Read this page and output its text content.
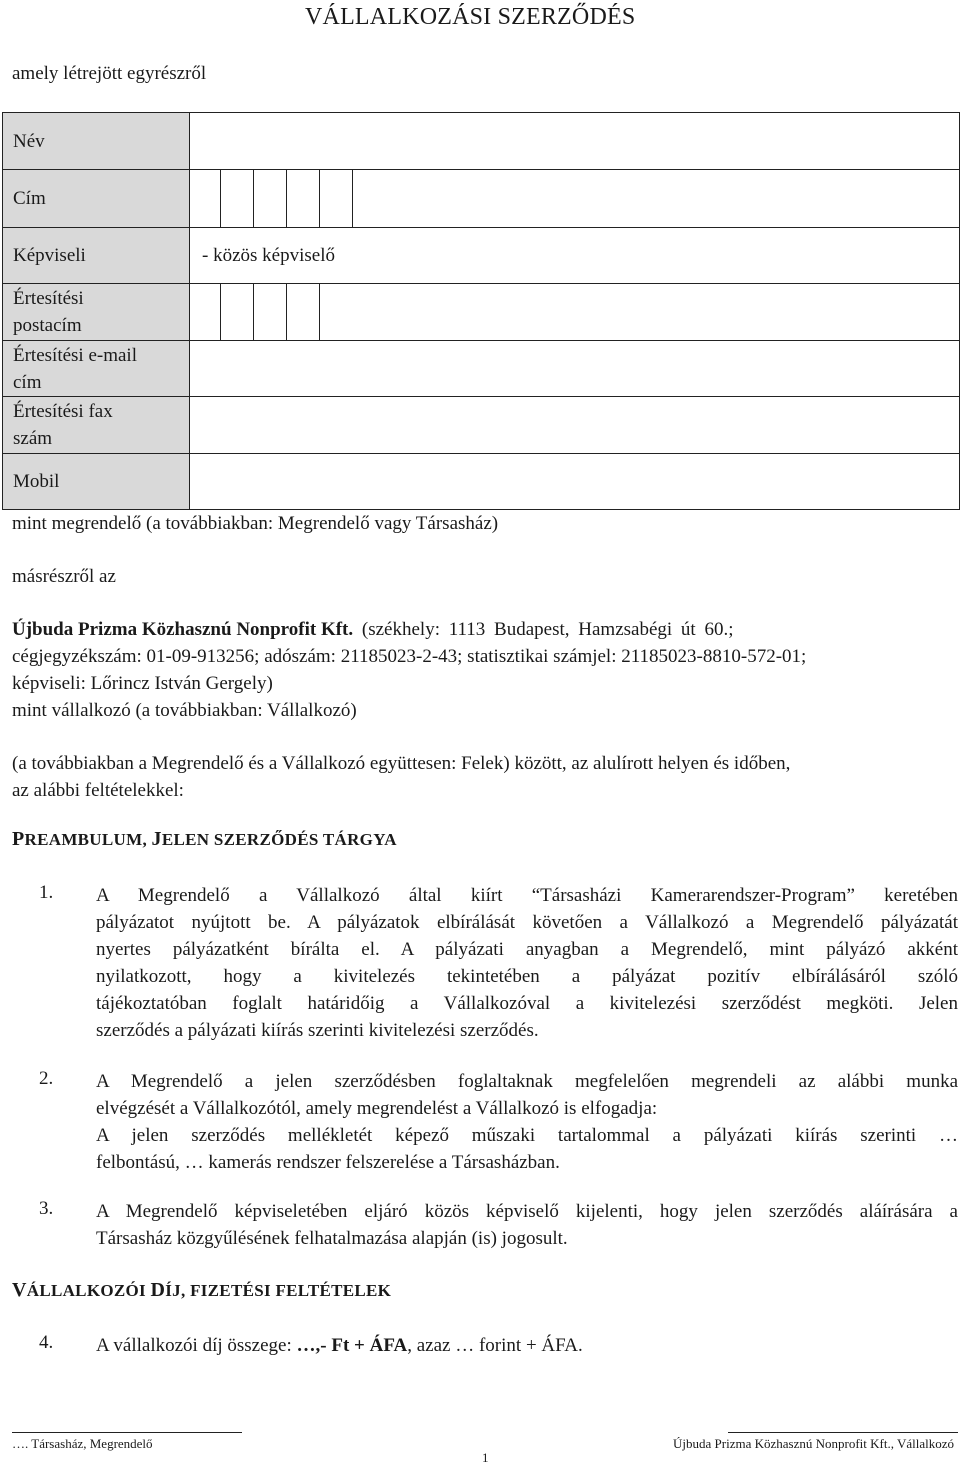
VÁLLALKOZÁSI SZERZŐDÉS
amely létrejött egyrészről
Név	
Cím	

Képviseli	- közös képviselő

Értesítési
postacím	

Értesítési e-mail
cím	

Értesítési fax
szám	

Mobil	
mint megrendelő (a továbbiakban: Megrendelő vagy Társasház)
másrészről az
Újbuda Prizma Közhasznú Nonprofit Kft. (székhely: 1113 Budapest, Hamzsabégi út 60.;
cégjegyzékszám: 01-09-913256; adószám: 21185023-2-43; statisztikai számjel: 21185023-8810-572-01;
képviseli: Lőrincz István Gergely)
mint vállalkozó (a továbbiakban: Vállalkozó)
(a továbbiakban a Megrendelő és a Vállalkozó együttesen: Felek) között, az alulírott helyen és időben,
az alábbi feltételekkel:
PREAMBULUM, JELEN SZERZŐDÉS TÁRGYA
1. A Megrendelő a Vállalkozó által kiírt “Társasházi Kamerarendszer-Program” keretében
pályázatot nyújtott be. A pályázatok elbírálását követően a Vállalkozó a Megrendelő pályázatát
nyertes pályázatként bírálta el. A pályázati anyagban a Megrendelő, mint pályázó akként
nyilatkozott, hogy a kivitelezés tekintetében a pályázat pozitív elbírálásáról szóló
tájékoztatóban foglalt határidőig a Vállalkozóval a kivitelezési szerződést megköti. Jelen
szerződés a pályázati kiírás szerinti kivitelezési szerződés.
2. A Megrendelő a jelen szerződésben foglaltaknak megfelelően megrendeli az alábbi munka
elvégzését a Vállalkozótól, amely megrendelést a Vállalkozó is elfogadja:
A jelen szerződés mellékletét képező műszaki tartalommal a pályázati kiírás szerinti …
felbontású, … kamerás rendszer felszerelése a Társasházban.
3. A Megrendelő képviseletében eljáró közös képviselő kijelenti, hogy jelen szerződés aláírására a
Társasház közgyűlésének felhatalmazása alapján (is) jogosult.
VÁLLALKOZÓI DÍJ, FIZETÉSI FELTÉTELEK
4. A vállalkozói díj összege: …,- Ft + ÁFA, azaz … forint + ÁFA.
…. Társasház, Megrendelő	Újbuda Prizma Közhasznú Nonprofit Kft., Vállalkozó
1
